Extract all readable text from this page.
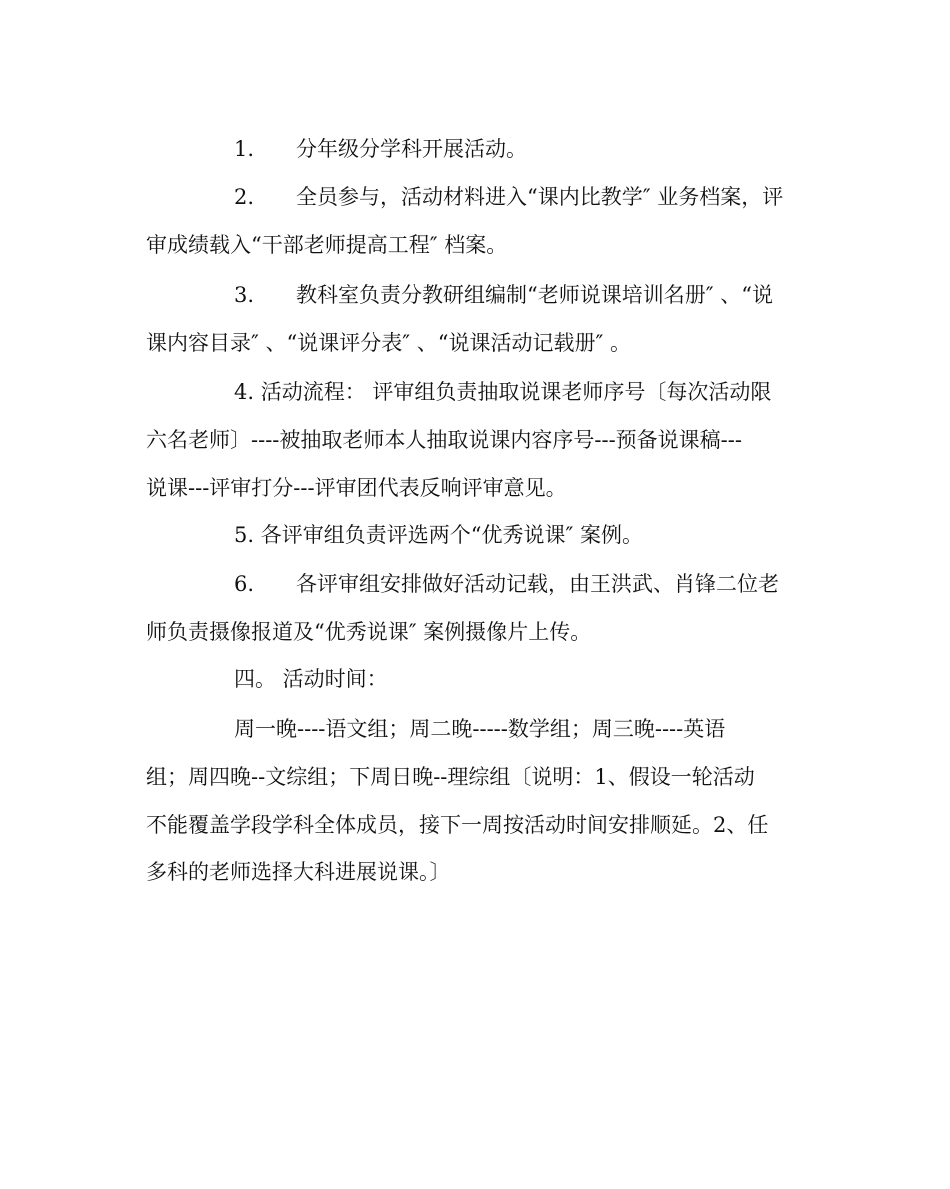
1.　　分年级分学科开展活动。
2.　　全员参与，活动材料进入“课内比教学″ 业务档案，评
审成绩载入“干部老师提高工程″ 档案。
3.　　教科室负责分教研组编制“老师说课培训名册″ 、“说
课内容目录″ 、“说课评分表″ 、“说课活动记载册″ 。
4. 活动流程： 评审组负责抽取说课老师序号〔每次活动限
六名老师〕----被抽取老师本人抽取说课内容序号---预备说课稿---
说课---评审打分---评审团代表反响评审意见。
5. 各评审组负责评选两个“优秀说课″ 案例。
6.　　各评审组安排做好活动记载，由王洪武、肖锋二位老
师负责摄像报道及“优秀说课″ 案例摄像片上传。
四。 活动时间：
周一晚----语文组；周二晚-----数学组；周三晚----英语
组；周四晚--文综组；下周日晚--理综组〔说明：1、假设一轮活动
不能覆盖学段学科全体成员，接下一周按活动时间安排顺延。2、任
多科的老师选择大科进展说课。〕
